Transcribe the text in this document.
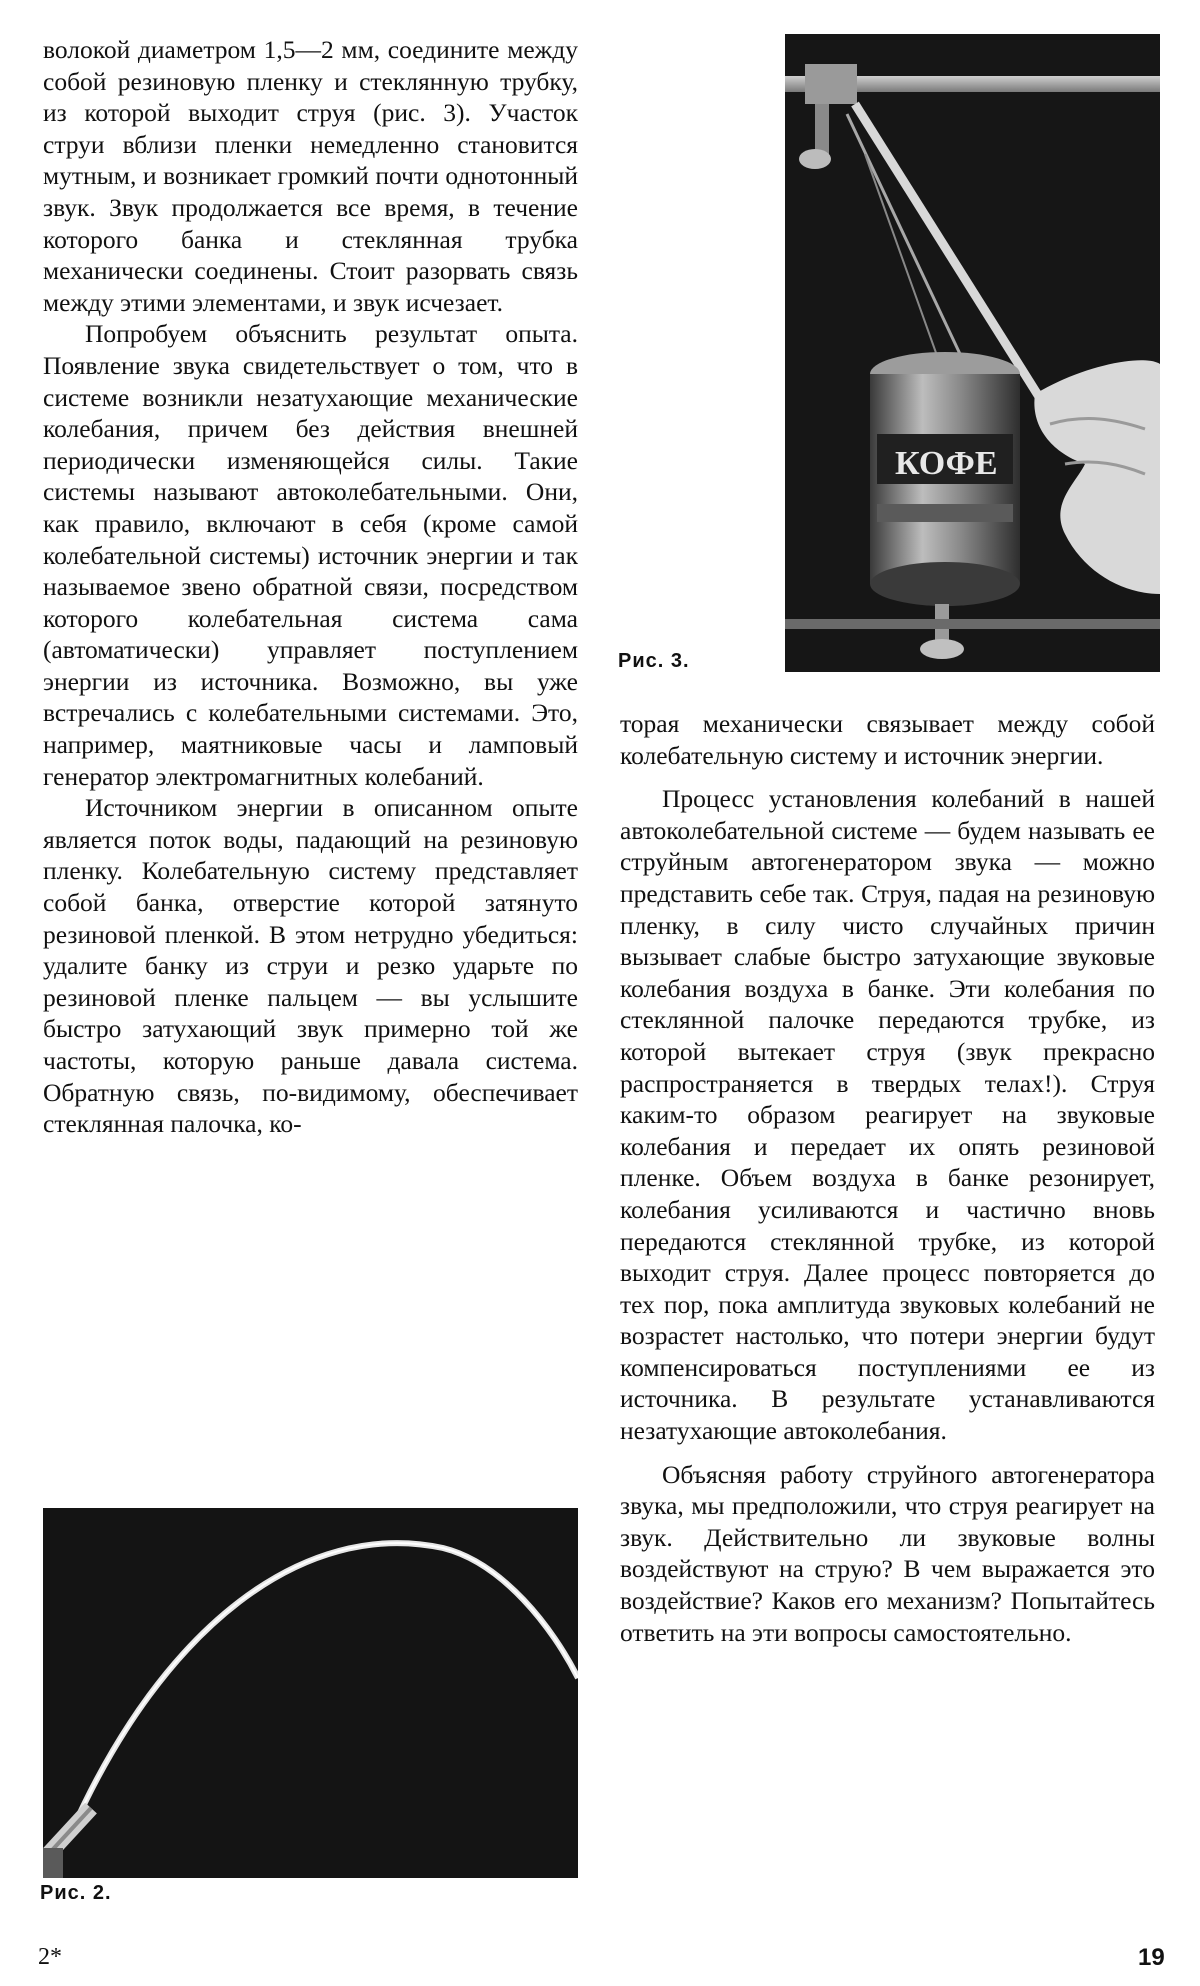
волокой диаметром 1,5—2 мм, соедините между собой резиновую пленку и стеклянную трубку, из которой выходит струя (рис. 3). Участок струи вблизи пленки немедленно становится мутным, и возникает громкий почти однотонный звук. Звук продолжается все время, в течение которого банка и стеклянная трубка механически соединены. Стоит разорвать связь между этими элементами, и звук исчезает.

Попробуем объяснить результат опыта. Появление звука свидетельствует о том, что в системе возникли незатухающие механические колебания, причем без действия внешней периодически изменяющейся силы. Такие системы называют автоколебательными. Они, как правило, включают в себя (кроме самой колебательной системы) источник энергии и так называемое звено обратной связи, посредством которого колебательная система сама (автоматически) управляет поступлением энергии из источника. Возможно, вы уже встречались с колебательными системами. Это, например, маятниковые часы и ламповый генератор электромагнитных колебаний.

Источником энергии в описанном опыте является поток воды, падающий на резиновую пленку. Колебательную систему представляет собой банка, отверстие которой затянуто резиновой пленкой. В этом нетрудно убедиться: удалите банку из струи и резко ударьте по резиновой пленке пальцем — вы услышите быстро затухающий звук примерно той же частоты, которую раньше давала система. Обратную связь, по-видимому, обеспечивает стеклянная палочка, ко-

КОФЕ
Рис. 3.

торая механически связывает между собой колебательную систему и источник энергии.

Процесс установления колебаний в нашей автоколебательной системе — будем называть ее струйным автогенератором звука — можно представить себе так. Струя, падая на резиновую пленку, в силу чисто случайных причин вызывает слабые быстро затухающие звуковые колебания воздуха в банке. Эти колебания по стеклянной палочке передаются трубке, из которой вытекает струя (звук прекрасно распространяется в твердых телах!). Струя каким-то образом реагирует на звуковые колебания и передает их опять резиновой пленке. Объем воздуха в банке резонирует, колебания усиливаются и частично вновь передаются стеклянной трубке, из которой выходит струя. Далее процесс повторяется до тех пор, пока амплитуда звуковых колебаний не возрастет настолько, что потери энергии будут компенсироваться поступлениями ее из источника. В результате устанавливаются незатухающие автоколебания.

Объясняя работу струйного автогенератора звука, мы предположили, что струя реагирует на звук. Действительно ли звуковые волны воздействуют на струю? В чем выражается это воздействие? Каков его механизм? Попытайтесь ответить на эти вопросы самостоятельно.

Рис. 2.
2*	19
